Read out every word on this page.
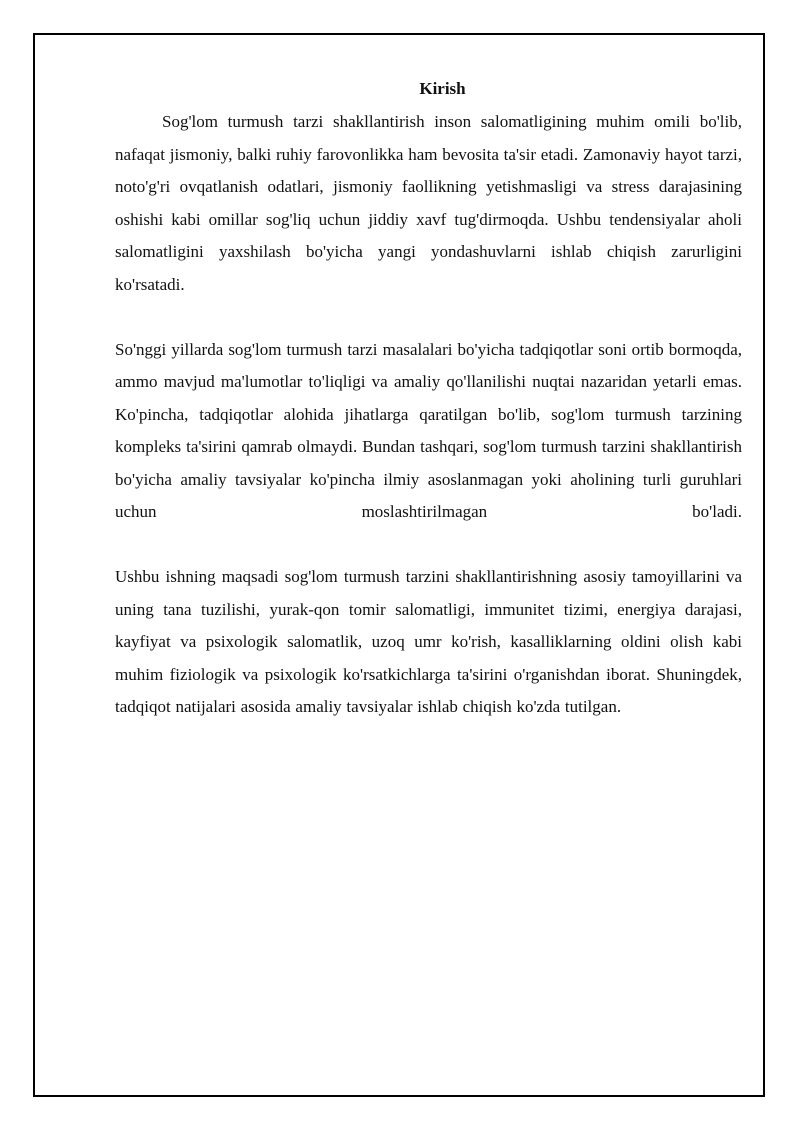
Kirish

Sog'lom turmush tarzi shakllantirish inson salomatligining muhim omili bo'lib, nafaqat jismoniy, balki ruhiy farovonlikka ham bevosita ta'sir etadi. Zamonaviy hayot tarzi, noto'g'ri ovqatlanish odatlari, jismoniy faollikning yetishmasligi va stress darajasining oshishi kabi omillar sog'liq uchun jiddiy xavf tug'dirmoqda. Ushbu tendensiyalar aholi salomatligini yaxshilash bo'yicha yangi yondashuvlarni ishlab chiqish zarurligini ko'rsatadi.

So'nggi yillarda sog'lom turmush tarzi masalalari bo'yicha tadqiqotlar soni ortib bormoqda, ammo mavjud ma'lumotlar to'liqligi va amaliy qo'llanilishi nuqtai nazaridan yetarli emas. Ko'pincha, tadqiqotlar alohida jihatlarga qaratilgan bo'lib, sog'lom turmush tarzining kompleks ta'sirini qamrab olmaydi. Bundan tashqari, sog'lom turmush tarzini shakllantirish bo'yicha amaliy tavsiyalar ko'pincha ilmiy asoslanmagan yoki aholining turli guruhlari uchun moslashtirilmagan bo'ladi.

Ushbu ishning maqsadi sog'lom turmush tarzini shakllantirishning asosiy tamoyillarini va uning tana tuzilishi, yurak-qon tomir salomatligi, immunitet tizimi, energiya darajasi, kayfiyat va psixologik salomatlik, uzoq umr ko'rish, kasalliklarning oldini olish kabi muhim fiziologik va psixologik ko'rsatkichlarga ta'sirini o'rganishdan iborat. Shuningdek, tadqiqot natijalari asosida amaliy tavsiyalar ishlab chiqish ko'zda tutilgan.
